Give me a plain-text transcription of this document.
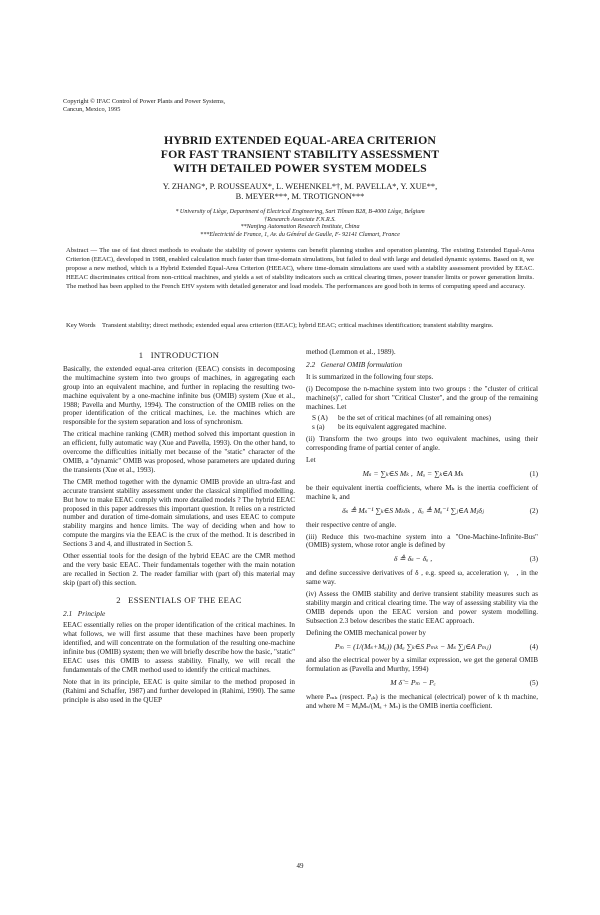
Copyright © IFAC Control of Power Plants and Power Systems,
Cancun, Mexico, 1995
HYBRID EXTENDED EQUAL-AREA CRITERION
FOR FAST TRANSIENT STABILITY ASSESSMENT
WITH DETAILED POWER SYSTEM MODELS
Y. ZHANG*, P. ROUSSEAUX*, L. WEHENKEL*†, M. PAVELLA*, Y. XUE**,
B. MEYER***, M. TROTIGNON***
* University of Liège, Department of Electrical Engineering, Sart Tilman B28, B-4000 Liège, Belgium
†Research Associate F.N.R.S.
**Nanjing Automation Research Institute, China
***Electricité de France, 1, Av. du Général de Gaulle, F- 92141 Clamart, France
Abstract — The use of fast direct methods to evaluate the stability of power systems can benefit planning studies and operation planning. The existing Extended Equal-Area Criterion (EEAC), developed in 1988, enabled calculation much faster than time-domain simulations, but failed to deal with large and detailed dynamic systems. Based on it, we propose a new method, which is a Hybrid Extended Equal-Area Criterion (HEEAC), where time-domain simulations are used with a stability assessment provided by EEAC. HEEAC discriminates critical from non-critical machines, and yields a set of stability indicators such as critical clearing times, power transfer limits or power generation limits. The method has been applied to the French EHV system with detailed generator and load models. The performances are good both in terms of computing speed and accuracy.
Key Words    Transient stability; direct methods; extended equal area criterion (EEAC); hybrid EEAC; critical machines identification; transient stability margins.
1   INTRODUCTION

Basically, the extended equal-area criterion (EEAC) consists in decomposing the multimachine system into two groups of machines, in aggregating each group into an equivalent machine, and further in replacing the resulting two-machine equivalent by a one-machine infinite bus (OMIB) system (Xue et al., 1988; Pavella and Murthy, 1994). The construction of the OMIB relies on the proper identification of the critical machines, i.e. the machines which are responsible for the system separation and loss of synchronism.

The critical machine ranking (CMR) method solved this important question in an efficient, fully automatic way (Xue and Pavella, 1993). On the other hand, to overcome the difficulties initially met because of the "static" character of the OMIB, a "dynamic" OMIB was proposed, whose parameters are updated during the transients (Xue et al., 1993).

The CMR method together with the dynamic OMIB provide an ultra-fast and accurate transient stability assessment under the classical simplified modelling. But how to make EEAC comply with more detailed models ? The hybrid EEAC proposed in this paper addresses this important question. It relies on a restricted number and duration of time-domain simulations, and uses EEAC to compute stability margins and hence limits. The way of deciding when and how to compute the margins via the EEAC is the crux of the method. It is described in Sections 3 and 4, and illustrated in Section 5.

Other essential tools for the design of the hybrid EEAC are the CMR method and the very basic EEAC. Their fundamentals together with the main notation are recalled in Section 2. The reader familiar with (part of) this material may skip (part of) this section.

2   ESSENTIALS OF THE EEAC
2.1   Principle

EEAC essentially relies on the proper identification of the critical machines. In what follows, we will first assume that these machines have been properly identified, and will concentrate on the formulation of the resulting one-machine infinite bus (OMIB) system; then we will briefly describe how the basic, "static" EEAC uses this OMIB to assess stability. Finally, we will recall the fundamentals of the CMR method used to identify the critical machines.

Note that in its principle, EEAC is quite similar to the method proposed in (Rahimi and Schaffer, 1987) and further developed in (Rahimi, 1990). The same principle is also used in the QUEP

method (Lemmon et al., 1989).

2.2   General OMIB formulation

It is summarized in the following four steps.

(i) Decompose the n-machine system into two groups : the "cluster of critical machine(s)", called for short "Critical Cluster", and the group of the remaining machines. Let

S (A)	be the set of critical machines (of all remaining ones)
s (a)	be its equivalent aggregated machine.

(ii) Transform the two groups into two equivalent machines, using their corresponding frame of partial center of angle.

Let

Mₛ = ∑ₖ∈S Mₖ ,  Mₐ = ∑ₖ∈A Mₖ	(1)

be their equivalent inertia coefficients, where Mₖ is the inertia coefficient of machine k, and

δₛ ≜ Mₛ⁻¹ ∑ₖ∈S Mₖδₖ ,  δₐ ≜ Mₐ⁻¹ ∑ⱼ∈A Mⱼδⱼ	(2)

their respective centre of angle.

(iii) Reduce this two-machine system into a "One-Machine-Infinite-Bus"(OMIB) system, whose rotor angle is defined by

δ ≜ δₛ − δₐ ,	(3)

and define successive derivatives of δ , e.g. speed ω, acceleration γ,   , in the same way.

(iv) Assess the OMIB stability and derive transient stability measures such as stability margin and critical clearing time. The way of assessing stability via the OMIB depends upon the EEAC version and power system modelling. Subsection 2.3 below describes the static EEAC approach.

Defining the OMIB mechanical power by

Pₘ = (1/(Mₛ+Mₐ)) (Mₐ ∑ₖ∈S Pₘₖ − Mₛ ∑ⱼ∈A Pₘⱼ)	(4)

and also the electrical power by a similar expression, we get the general OMIB formulation as (Pavella and Murthy, 1994)

M δ̈ = Pₘ − Pₑ	(5)

where Pₘₖ (respect. Pₑₖ) is the mechanical (electrical) power of k th machine, and where M = MₐMₛ/(Mₐ + Mₛ) is the OMIB inertia coefficient.

49
